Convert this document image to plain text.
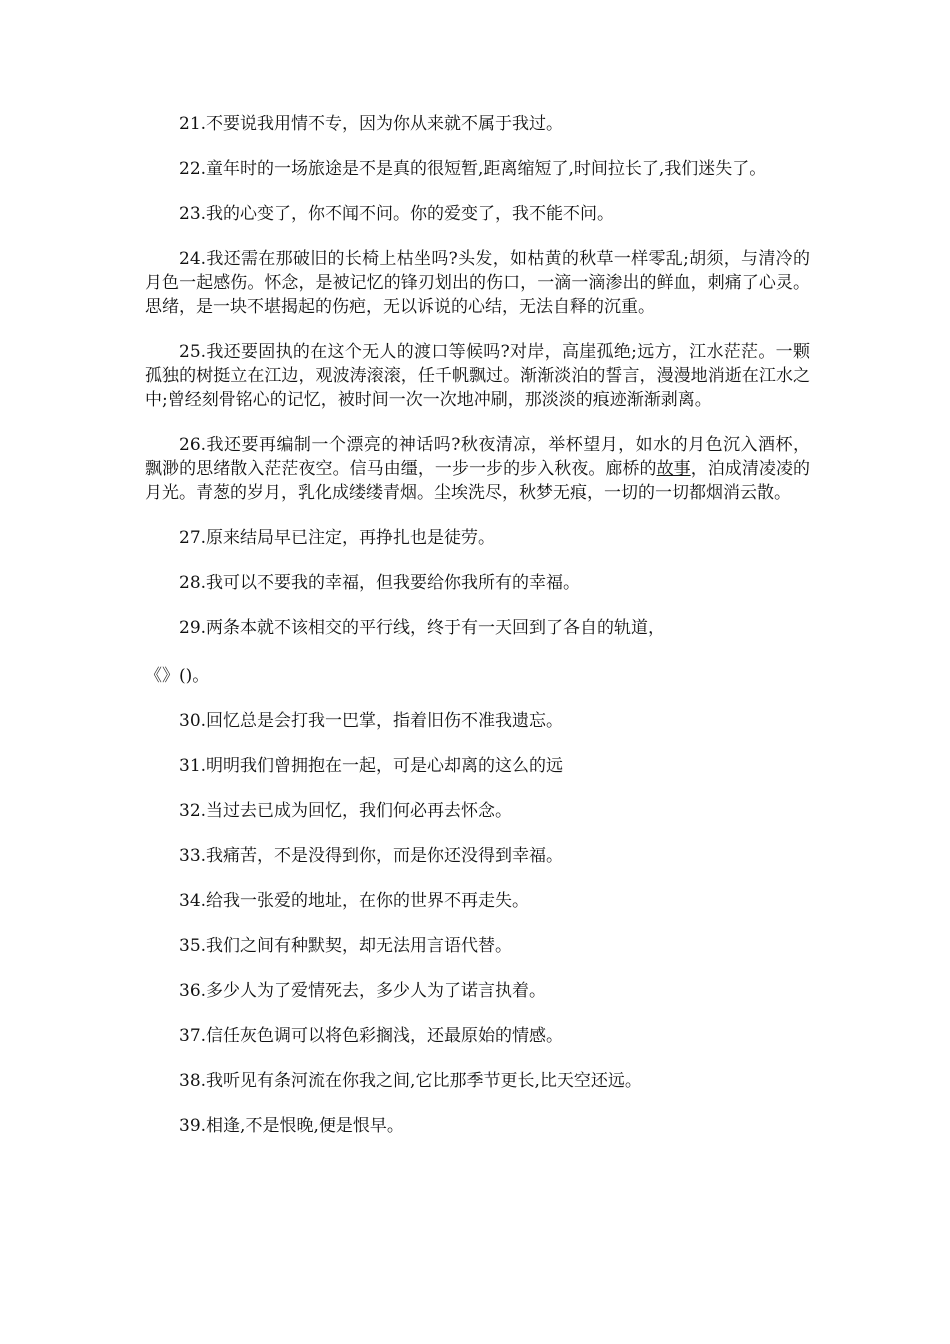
21.不要说我用情不专，因为你从来就不属于我过。

22.童年时的一场旅途是不是真的很短暂,距离缩短了,时间拉长了,我们迷失了。

23.我的心变了，你不闻不问。你的爱变了，我不能不问。

24.我还需在那破旧的长椅上枯坐吗?头发，如枯黄的秋草一样零乱;胡须，与清冷的月色一起感伤。怀念，是被记忆的锋刃划出的伤口，一滴一滴渗出的鲜血，刺痛了心灵。思绪，是一块不堪揭起的伤疤，无以诉说的心结，无法自释的沉重。

25.我还要固执的在这个无人的渡口等候吗?对岸，高崖孤绝;远方，江水茫茫。一颗孤独的树挺立在江边，观波涛滚滚，任千帆飘过。渐渐淡泊的誓言，漫漫地消逝在江水之中;曾经刻骨铭心的记忆，被时间一次一次地冲刷，那淡淡的痕迹渐渐剥离。

26.我还要再编制一个漂亮的神话吗?秋夜清凉，举杯望月，如水的月色沉入酒杯，飘渺的思绪散入茫茫夜空。信马由缰，一步一步的步入秋夜。廊桥的故事，泊成清凌凌的月光。青葱的岁月，乳化成缕缕青烟。尘埃洗尽，秋梦无痕，一切的一切都烟消云散。

27.原来结局早已注定，再挣扎也是徒劳。

28.我可以不要我的幸福，但我要给你我所有的幸福。

29.两条本就不该相交的平行线，终于有一天回到了各自的轨道，

《》()。

30.回忆总是会打我一巴掌，指着旧伤不准我遗忘。

31.明明我们曾拥抱在一起，可是心却离的这么的远

32.当过去已成为回忆，我们何必再去怀念。

33.我痛苦，不是没得到你，而是你还没得到幸福。

34.给我一张爱的地址，在你的世界不再走失。

35.我们之间有种默契，却无法用言语代替。

36.多少人为了爱情死去，多少人为了诺言执着。

37.信任灰色调可以将色彩搁浅，还最原始的情感。

38.我听见有条河流在你我之间,它比那季节更长,比天空还远。

39.相逢,不是恨晚,便是恨早。
